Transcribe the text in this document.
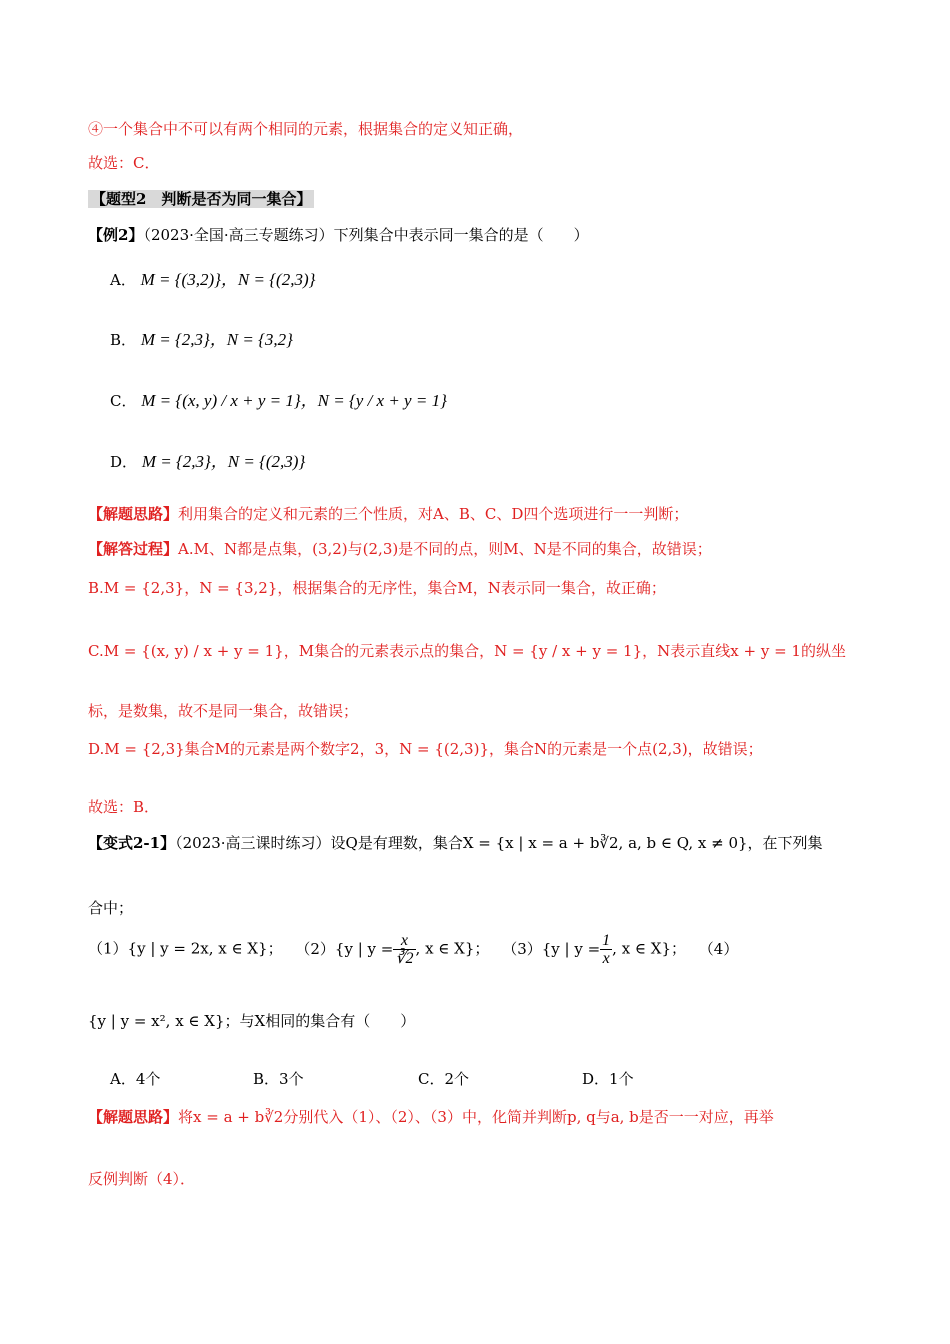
④一个集合中不可以有两个相同的元素，根据集合的定义知正确，
故选：C．
【题型2　判断是否为同一集合】
【例2】（2023·全国·高三专题练习）下列集合中表示同一集合的是（　　）
A． M = {(3,2)}，N = {(2,3)}
B． M = {2,3}，N = {3,2}
C． M = {(x, y) / x + y = 1}，N = {y / x + y = 1}
D． M = {2,3}，N = {(2,3)}
【解题思路】利用集合的定义和元素的三个性质，对A、B、C、D四个选项进行一一判断；
【解答过程】A.M、N都是点集，(3,2)与(2,3)是不同的点，则M、N是不同的集合，故错误；
B.M = {2,3}，N = {3,2}，根据集合的无序性，集合M，N表示同一集合，故正确；
C.M = {(x, y) / x + y = 1}，M集合的元素表示点的集合，N = {y / x + y = 1}，N表示直线x + y = 1的纵坐
标，是数集，故不是同一集合，故错误；
D.M = {2,3}集合M的元素是两个数字2，3，N = {(2,3)}，集合N的元素是一个点(2,3)，故错误；
故选：B．
【变式2-1】（2023·高三课时练习）设Q是有理数，集合X = {x | x = a + b∛2, a, b ∈ Q, x ≠ 0}，在下列集
合中；
（1）{y | y = 2x, x ∈ X}； （2）{y | $y = \frac{x}{∛2}$ , x ∈ X}； （3）{y | $y = \frac{1}{x}$ , x ∈ X}； （4）
{y | y = x², x ∈ X}；与X相同的集合有（　　）
A．4个	B．3个	C．2个	D．1个
【解题思路】将x = a + b∛2分别代入（1）、（2）、（3）中，化简并判断p, q与a, b是否一一对应，再举
反例判断（4）．
